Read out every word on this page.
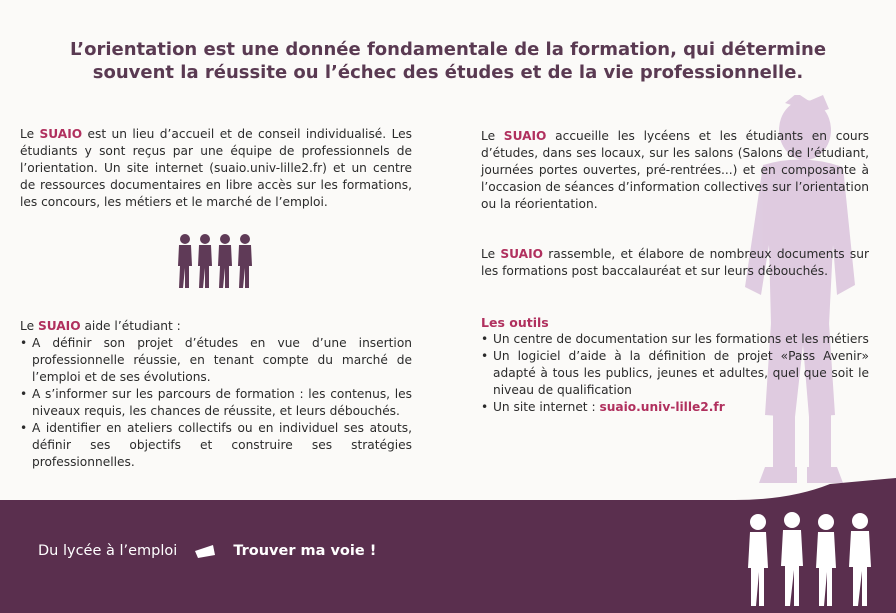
L’orientation est une donnée fondamentale de la formation, qui détermine souvent la réussite ou l’échec des études et de la vie professionnelle.
Le SUAIO est un lieu d’accueil et de conseil individualisé. Les étudiants y sont reçus par une équipe de professionnels de l’orientation. Un site internet (suaio.univ-lille2.fr) et un centre de ressources documentaires en libre accès sur les formations, les concours, les métiers et le marché de l’emploi.
Le SUAIO aide l’étudiant :
• A définir son projet d’études en vue d’une insertion professionnelle réussie, en tenant compte du marché de l’emploi et de ses évolutions.
• A s’informer sur les parcours de formation : les contenus, les niveaux requis, les chances de réussite, et leurs débouchés.
• A identifier en ateliers collectifs ou en individuel ses atouts, définir ses objectifs et construire ses stratégies professionnelles.
Le SUAIO accueille les lycéens et les étudiants en cours d’études, dans ses locaux, sur les salons (Salons de l’étudiant, journées portes ouvertes, pré-rentrées...) et en composante à l’occasion de séances d’information collectives sur l’orientation ou la réorientation.
Le SUAIO rassemble, et élabore de nombreux documents sur les formations post baccalauréat et sur leurs débouchés.
Les outils
• Un centre de documentation sur les formations et les métiers
• Un logiciel d’aide à la définition de projet «Pass Avenir» adapté à tous les publics, jeunes et adultes, quel que soit le niveau de qualification
• Un site internet : suaio.univ-lille2.fr
Du lycée à l’emploi	Trouver ma voie !
